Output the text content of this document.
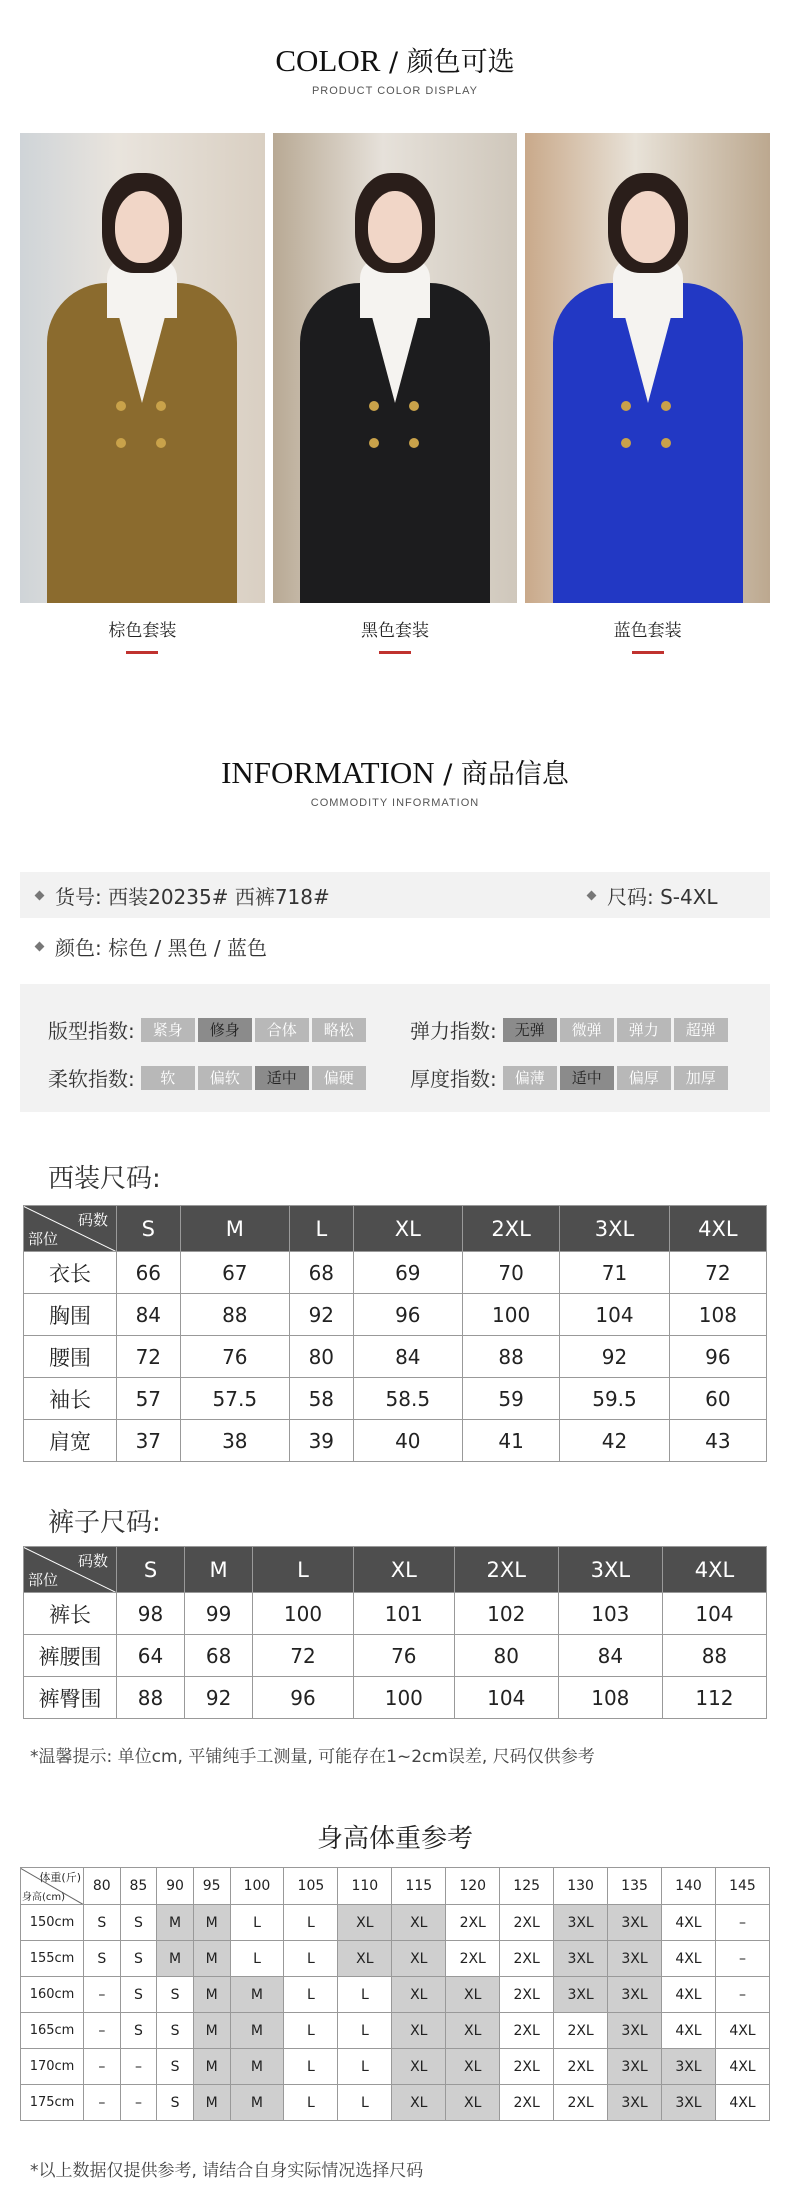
COLOR / 颜色可选
PRODUCT COLOR DISPLAY
棕色套装	黑色套装	蓝色套装
INFORMATION / 商品信息
COMMODITY INFORMATION
货号: 西装20235# 西裤718#	尺码: S-4XL
颜色: 棕色 / 黑色 / 蓝色
版型指数:	紧身	修身	合体	略松	弹力指数:	无弹	微弹	弹力	超弹
柔软指数:	软	偏软	适中	偏硬	厚度指数:	偏薄	适中	偏厚	加厚
西装尺码:
码数
部位	S	M	L	XL	2XL	3XL	4XL
衣长	66	67	68	69	70	71	72
胸围	84	88	92	96	100	104	108
腰围	72	76	80	84	88	92	96
袖长	57	57.5	58	58.5	59	59.5	60
肩宽	37	38	39	40	41	42	43
裤子尺码:
码数
部位	S	M	L	XL	2XL	3XL	4XL
裤长	98	99	100	101	102	103	104
裤腰围	64	68	72	76	80	84	88
裤臀围	88	92	96	100	104	108	112
*温馨提示: 单位cm, 平铺纯手工测量, 可能存在1~2cm误差, 尺码仅供参考
身高体重参考
体重(斤)
身高(cm)	80	85	90	95	100	105	110	115	120	125	130	135	140	145
150cm	S	S	M	M	L	L	XL	XL	2XL	2XL	3XL	3XL	4XL	–
155cm	S	S	M	M	L	L	XL	XL	2XL	2XL	3XL	3XL	4XL	–
160cm	–	S	S	M	M	L	L	XL	XL	2XL	3XL	3XL	4XL	–
165cm	–	S	S	M	M	L	L	XL	XL	2XL	2XL	3XL	4XL	4XL
170cm	–	–	S	M	M	L	L	XL	XL	2XL	2XL	3XL	3XL	4XL
175cm	–	–	S	M	M	L	L	XL	XL	2XL	2XL	3XL	3XL	4XL
*以上数据仅提供参考, 请结合自身实际情况选择尺码
